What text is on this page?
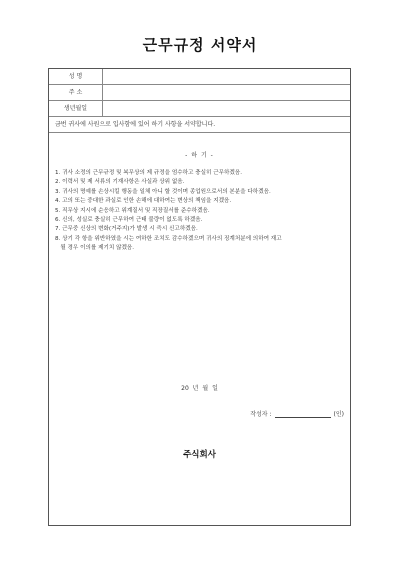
근무규정 서약서
성 명
주 소
생년월일
금번 귀사에 사원으로 입사함에 있어 하기 사항을 서약합니다.
- 하 기 -
1. 귀사 소정의 근무규정 및 복무상의 제 규정을 엄수하고 충실히 근무하겠음.
2. 이력서 및 제 서류의 기재사항은 사실과 상위 없음.
3. 귀사의 명예를 손상시킬 행동을 일체 아니 할 것이며 종업원으로서의 본분을 다하겠음.
4. 고의 또는 중대한 과실로 인한 손해에 대하여는 변상의 책임을 지겠음.
5. 직무상 지시에 순응하고 위계질서 및 직장질서를 준수하겠음.
6. 신의, 성실로 충실히 근무하여 근태 불량이 없도록 하겠음.
7. 근무중 신상의 변화(거주지)가 발생 시 즉시 신고하겠음.
8. 상기 각 항을 위반하였을 시는 여하한 조치도 감수하겠으며 귀사의 징계처분에 의하여 재고
될 경우 이의를 제기치 않겠음.
20 년 월 일
작성자 :	(인)
주식회사
